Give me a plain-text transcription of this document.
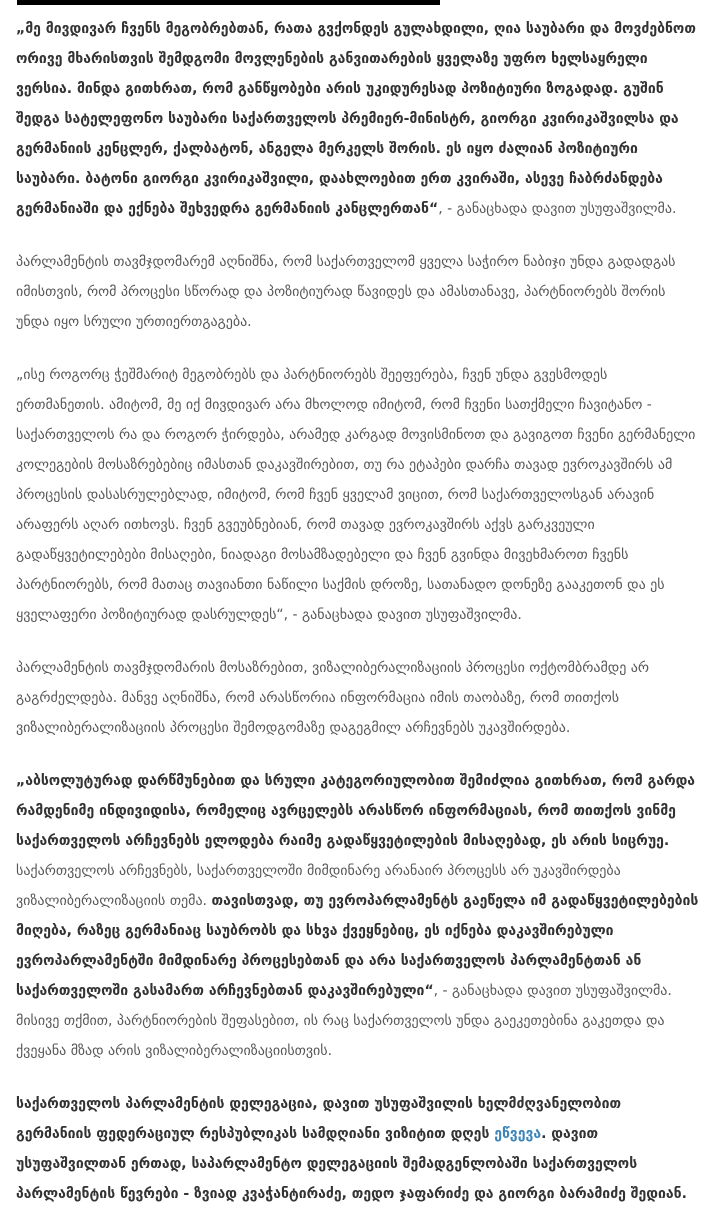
„მე მივდივარ ჩვენს მეგობრებთან, რათა გვქონდეს გულახდილი, ღია საუბარი და მოვძებნოთ ორივე მხარისთვის შემდგომი მოვლენების განვითარების ყველაზე უფრო ხელსაყრელი ვერსია. მინდა გითხრათ, რომ განწყობები არის უკიდურესად პოზიტიური ზოგადად. გუშინ შედგა სატელეფონო საუბარი საქართველოს პრემიერ-მინისტრ, გიორგი კვირიკაშვილსა და გერმანიის კენცლერ, ქალბატონ, ანგელა მერკელს შორის. ეს იყო ძალიან პოზიტიური საუბარი. ბატონი გიორგი კვირიკაშვილი, დაახლოებით ერთ კვირაში, ასევე ჩაბრძანდება გერმანიაში და ექნება შეხვედრა გერმანიის კანცლერთან“, - განაცხადა დავით უსუფაშვილმა.

პარლამენტის თავმჯდომარემ აღნიშნა, რომ საქართველომ ყველა საჭირო ნაბიჯი უნდა გადადგას იმისთვის, რომ პროცესი სწორად და პოზიტიურად წავიდეს და ამასთანავე, პარტნიორებს შორის უნდა იყო სრული ურთიერთგაგება.

„ისე როგორც ჭეშმარიტ მეგობრებს და პარტნიორებს შეეფერება, ჩვენ უნდა გვესმოდეს ერთმანეთის. ამიტომ, მე იქ მივდივარ არა მხოლოდ იმიტომ, რომ ჩვენი სათქმელი ჩავიტანო - საქართველოს რა და როგორ ჭირდება, არამედ კარგად მოვისმინოთ და გავიგოთ ჩვენი გერმანელი კოლეგების მოსაზრებებიც იმასთან დაკავშირებით, თუ რა ეტაპები დარჩა თავად ევროკავშირს ამ პროცესის დასასრულებლად, იმიტომ, რომ ჩვენ ყველამ ვიცით, რომ საქართველოსგან არავინ არაფერს აღარ ითხოვს. ჩვენ გვეუბნებიან, რომ თავად ევროკავშირს აქვს გარკვეული გადაწყვეტილებები მისაღები, ნიადაგი მოსამზადებელი და ჩვენ გვინდა მივეხმაროთ ჩვენს პარტნიორებს, რომ მათაც თავიანთი ნაწილი საქმის დროზე, სათანადო დონეზე გააკეთონ და ეს ყველაფერი პოზიტიურად დასრულდეს“, - განაცხადა დავით უსუფაშვილმა.

პარლამენტის თავმჯდომარის მოსაზრებით, ვიზალიბერალიზაციის პროცესი ოქტომბრამდე არ გაგრძელდება. მანვე აღნიშნა, რომ არასწორია ინფორმაცია იმის თაობაზე, რომ თითქოს ვიზალიბერალიზაციის პროცესი შემოდგომაზე დაგეგმილ არჩევნებს უკავშირდება.

„აბსოლუტურად დარწმუნებით და სრული კატეგორიულობით შემიძლია გითხრათ, რომ გარდა რამდენიმე ინდივიდისა, რომელიც ავრცელებს არასწორ ინფორმაციას, რომ თითქოს ვინმე საქართველოს არჩევნებს ელოდება რაიმე გადაწყვეტილების მისაღებად, ეს არის სიცრუე. საქართველოს არჩევნებს, საქართველოში მიმდინარე არანაირ პროცესს არ უკავშირდება ვიზალიბერალიზაციის თემა. თავისთვად, თუ ევროპარლამენტს გაეწელა იმ გადაწყვეტილებების მიღება, რაზეც გერმანიაც საუბრობს და სხვა ქვეყნებიც, ეს იქნება დაკავშირებული ევროპარლამენტში მიმდინარე პროცესებთან და არა საქართველოს პარლამენტთან ან საქართველოში გასამართ არჩევნებთან დაკავშირებული“, - განაცხადა დავით უსუფაშვილმა. მისივე თქმით, პარტნიორების შეფასებით, ის რაც საქართველოს უნდა გაეკეთებინა გაკეთდა და ქვეყანა მზად არის ვიზალიბერალიზაციისთვის.

საქართველოს პარლამენტის დელეგაცია, დავით უსუფაშვილის ხელმძღვანელობით გერმანიის ფედერაციულ რესპუბლიკას სამდღიანი ვიზიტით დღეს ეწვევა. დავით უსუფაშვილთან ერთად, საპარლამენტო დელეგაციის შემადგენლობაში საქართველოს პარლამენტის წევრები - ზვიად კვაჭანტირაძე, თედო ჯაფარიძე და გიორგი ბარამიძე შედიან.
